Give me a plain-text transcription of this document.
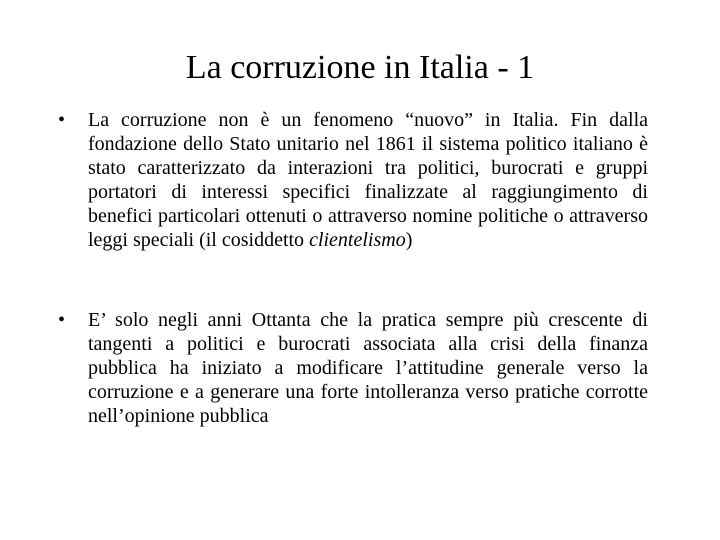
La corruzione in Italia - 1
• La corruzione non è un fenomeno “nuovo” in Italia. Fin dalla fondazione dello Stato unitario nel 1861 il sistema politico italiano è stato caratterizzato da interazioni tra politici, burocrati e gruppi portatori di interessi specifici finalizzate al raggiungimento di benefici particolari ottenuti o attraverso nomine politiche o attraverso leggi speciali (il cosiddetto clientelismo)
• E’ solo negli anni Ottanta che la pratica sempre più crescente di tangenti a politici e burocrati associata alla crisi della finanza pubblica ha iniziato a modificare l’attitudine generale verso la corruzione e a generare una forte intolleranza verso pratiche corrotte nell’opinione pubblica
